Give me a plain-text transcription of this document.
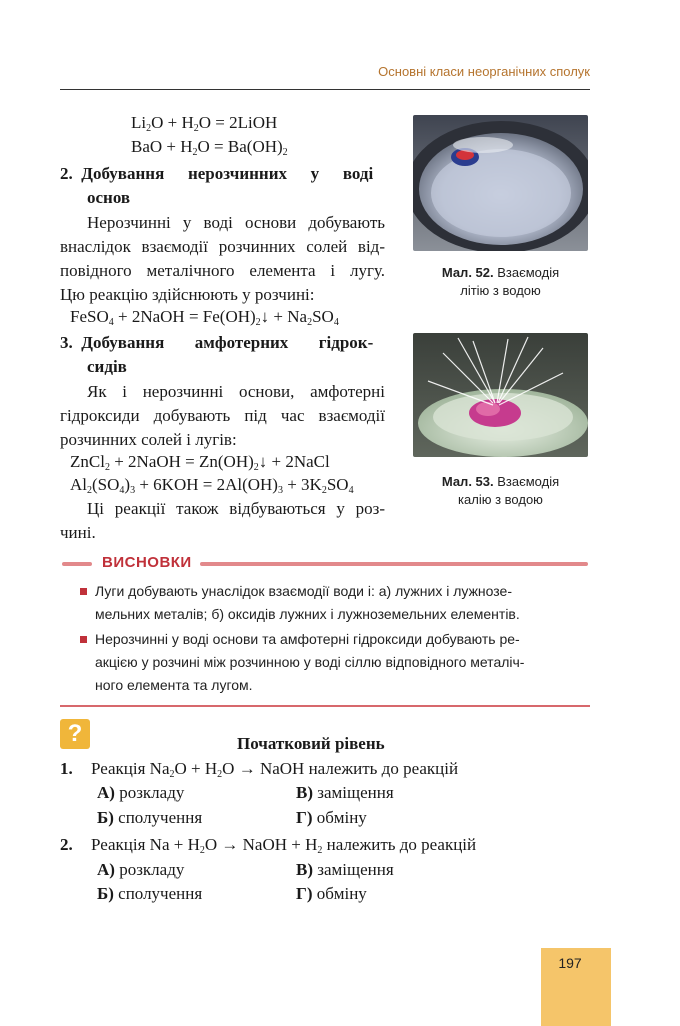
Основні класи неорганічних сполук
$Li_2O + H_2O$ = 2LiOH
BaO + $H_2O = Ba(OH)_2$
2. Добування нерозчинних у воді
основ
Нерозчинні у воді основи добувають
внаслідок взаємодії розчинних солей від-
повідного металічного елемента і лугу.
Цю реакцію здійснюють у розчині:
FeSO$_4$ + 2NaOH = $Fe(OH)_2↓ + Na_2SO_4$
3. Добування амфотерних гідрок-
сидів
Як і нерозчинні основи, амфотерні
гідроксиди добувають під час взаємодії
розчинних солей і лугів:
ZnCl$_2$ + 2NaOH = $Zn(OH)_2↓$ + 2NaCl
$Al_2(SO_4)_3 + 6KOH = 2Al(OH)_3 + 3K_2SO_4$
Ці реакції також відбуваються у роз-
чині.
Мал. 52. Взаємодія
літію з водою
Мал. 53. Взаємодія
калію з водою
ВИСНОВКИ
Луги добувають унаслідок взаємодії води і: а) лужних і лужнозе-
мельних металів; б) оксидів лужних і лужноземельних елементів.
Нерозчинні у воді основи та амфотерні гідроксиди добувають ре-
акцією у розчині між розчинною у воді сіллю відповідного металіч-
ного елемента та лугом.
?	Початковий рівень
1. Реакція $Na_2O + H_2O$ → NaOH належить до реакцій
А) розкладу	В) заміщення
Б) сполучення	Г) обміну
2. Реакція $Na + H_2O$ → NaOH + $H_2$ належить до реакцій
А) розкладу	В) заміщення
Б) сполучення	Г) обміну
197
